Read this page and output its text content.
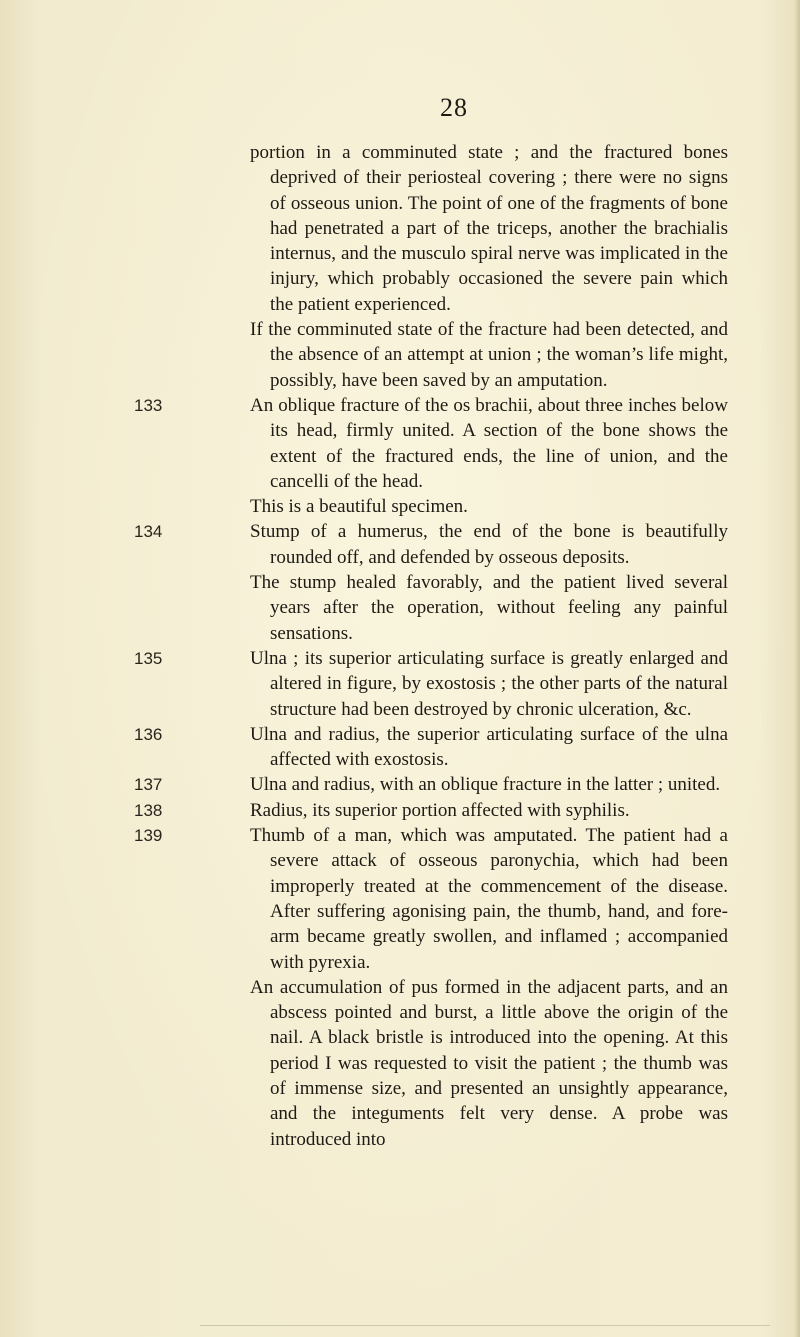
28

portion in a comminuted state ; and the fractured bones deprived of their periosteal covering ; there were no signs of osseous union. The point of one of the fragments of bone had penetrated a part of the triceps, another the brachialis internus, and the musculo spiral nerve was implicated in the injury, which probably occasioned the severe pain which the patient experienced.

If the comminuted state of the fracture had been detected, and the absence of an attempt at union ; the woman’s life might, possibly, have been saved by an amputation.

133	An oblique fracture of the os brachii, about three inches below its head, firmly united. A section of the bone shows the extent of the fractured ends, the line of union, and the cancelli of the head.

This is a beautiful specimen.

134	Stump of a humerus, the end of the bone is beautifully rounded off, and defended by osseous deposits.

The stump healed favorably, and the patient lived several years after the operation, without feeling any painful sensations.

135	Ulna ; its superior articulating surface is greatly enlarged and altered in figure, by exostosis ; the other parts of the natural structure had been destroyed by chronic ulceration, &c.

136	Ulna and radius, the superior articulating surface of the ulna affected with exostosis.

137	Ulna and radius, with an oblique fracture in the latter ; united.

138	Radius, its superior portion affected with syphilis.

139	Thumb of a man, which was amputated. The patient had a severe attack of osseous paronychia, which had been improperly treated at the commencement of the disease. After suffering agonising pain, the thumb, hand, and fore-arm became greatly swollen, and inflamed ; accompanied with pyrexia.

An accumulation of pus formed in the adjacent parts, and an abscess pointed and burst, a little above the origin of the nail. A black bristle is introduced into the opening. At this period I was requested to visit the patient ; the thumb was of immense size, and presented an unsightly appearance, and the integuments felt very dense. A probe was introduced into
